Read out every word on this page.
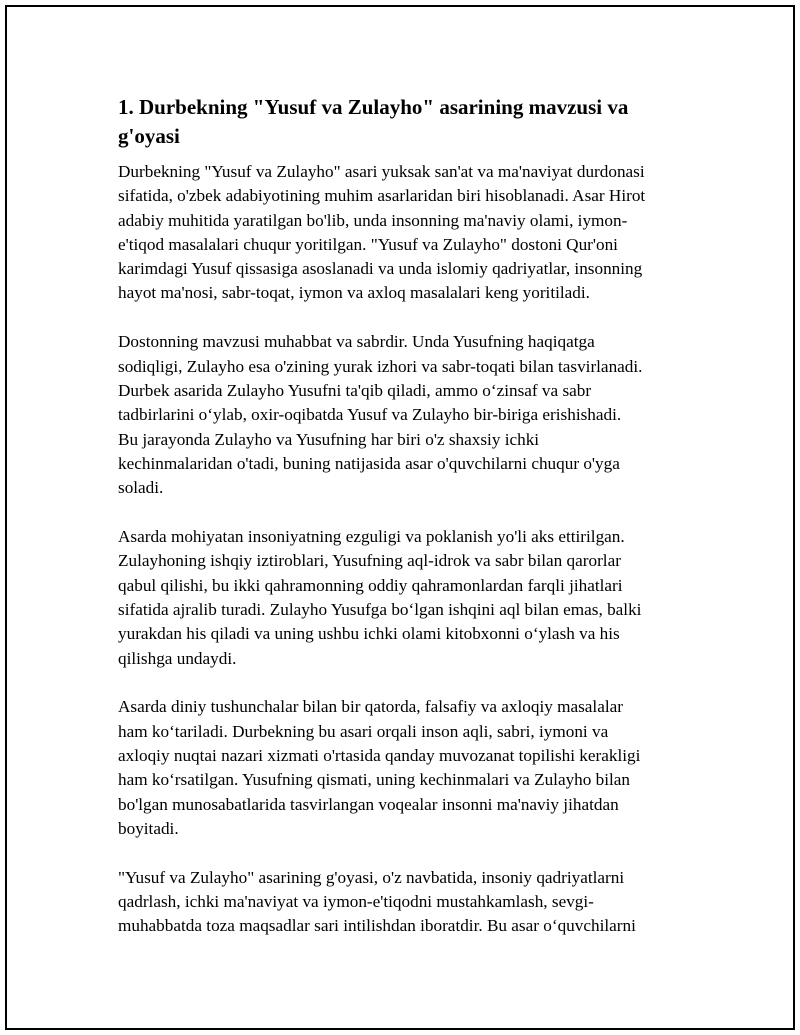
1. Durbekning "Yusuf va Zulayho" asarining mavzusi va
g'oyasi

Durbekning "Yusuf va Zulayho" asari yuksak san'at va ma'naviyat durdonasi
sifatida, o'zbek adabiyotining muhim asarlaridan biri hisoblanadi. Asar Hirot
adabiy muhitida yaratilgan bo'lib, unda insonning ma'naviy olami, iymon-
e'tiqod masalalari chuqur yoritilgan. "Yusuf va Zulayho" dostoni Qur'oni
karimdagi Yusuf qissasiga asoslanadi va unda islomiy qadriyatlar, insonning
hayot ma'nosi, sabr-toqat, iymon va axloq masalalari keng yoritiladi.

Dostonning mavzusi muhabbat va sabrdir. Unda Yusufning haqiqatga
sodiqligi, Zulayho esa o'zining yurak izhori va sabr-toqati bilan tasvirlanadi.
Durbek asarida Zulayho Yusufni ta'qib qiladi, ammo o‘zinsaf va sabr
tadbirlarini o‘ylab, oxir-oqibatda Yusuf va Zulayho bir-biriga erishishadi.
Bu jarayonda Zulayho va Yusufning har biri o'z shaxsiy ichki
kechinmalaridan o'tadi, buning natijasida asar o'quvchilarni chuqur o'yga
soladi.

Asarda mohiyatan insoniyatning ezguligi va poklanish yo'li aks ettirilgan.
Zulayhoning ishqiy iztiroblari, Yusufning aql-idrok va sabr bilan qarorlar
qabul qilishi, bu ikki qahramonning oddiy qahramonlardan farqli jihatlari
sifatida ajralib turadi. Zulayho Yusufga bo‘lgan ishqini aql bilan emas, balki
yurakdan his qiladi va uning ushbu ichki olami kitobxonni o‘ylash va his
qilishga undaydi.

Asarda diniy tushunchalar bilan bir qatorda, falsafiy va axloqiy masalalar
ham ko‘tariladi. Durbekning bu asari orqali inson aqli, sabri, iymoni va
axloqiy nuqtai nazari xizmati o'rtasida qanday muvozanat topilishi kerakligi
ham ko‘rsatilgan. Yusufning qismati, uning kechinmalari va Zulayho bilan
bo'lgan munosabatlarida tasvirlangan voqealar insonni ma'naviy jihatdan
boyitadi.

"Yusuf va Zulayho" asarining g'oyasi, o'z navbatida, insoniy qadriyatlarni
qadrlash, ichki ma'naviyat va iymon-e'tiqodni mustahkamlash, sevgi-
muhabbatda toza maqsadlar sari intilishdan iboratdir. Bu asar o‘quvchilarni
